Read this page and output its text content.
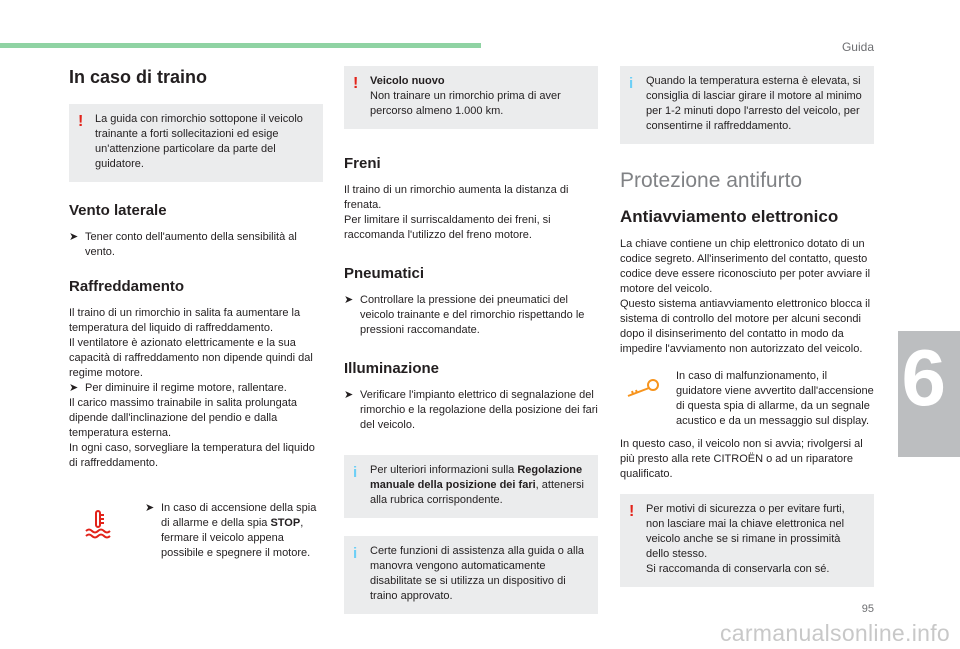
Guida
6
95
carmanualsonline.info
In caso di traino
! La guida con rimorchio sottopone il veicolo trainante a forti sollecitazioni ed esige un'attenzione particolare da parte del guidatore.

Vento laterale
➤ Tener conto dell'aumento della sensibilità al vento.
Raffreddamento

Il traino di un rimorchio in salita fa aumentare la temperatura del liquido di raffreddamento.

Il ventilatore è azionato elettricamente e la sua capacità di raffreddamento non dipende quindi dal regime motore.

➤ Per diminuire il regime motore, rallentare.

Il carico massimo trainabile in salita prolungata dipende dall'inclinazione del pendio e dalla temperatura esterna.

In ogni caso, sorvegliare la temperatura del liquido di raffreddamento.

➤ In caso di accensione della spia di allarme e della spia STOP, fermare il veicolo appena possibile e spegnere il motore.
! Veicolo nuovo

Non trainare un rimorchio prima di aver percorso almeno 1.000 km.

Freni

Il traino di un rimorchio aumenta la distanza di frenata.

Per limitare il surriscaldamento dei freni, si raccomanda l'utilizzo del freno motore.

Pneumatici
➤ Controllare la pressione dei pneumatici del veicolo trainante e del rimorchio rispettando le pressioni raccomandate.
Illuminazione
➤ Verificare l'impianto elettrico di segnalazione del rimorchio e la regolazione della posizione dei fari del veicolo.
i Per ulteriori informazioni sulla Regolazione manuale della posizione dei fari, attenersi alla rubrica corrispondente.

i Certe funzioni di assistenza alla guida o alla manovra vengono automaticamente disabilitate se si utilizza un dispositivo di traino approvato.

i Quando la temperatura esterna è elevata, si consiglia di lasciar girare il motore al minimo per 1-2 minuti dopo l'arresto del veicolo, per consentirne il raffreddamento.

Protezione antifurto
Antiavviamento elettronico

La chiave contiene un chip elettronico dotato di un codice segreto. All'inserimento del contatto, questo codice deve essere riconosciuto per poter avviare il motore del veicolo.

Questo sistema antiavviamento elettronico blocca il sistema di controllo del motore per alcuni secondi dopo il disinserimento del contatto in modo da impedire l'avviamento non autorizzato del veicolo.

In caso di malfunzionamento, il guidatore viene avvertito dall'accensione di questa spia di allarme, da un segnale acustico e da un messaggio sul display.

In questo caso, il veicolo non si avvia; rivolgersi al più presto alla rete CITROËN o ad un riparatore qualificato.

! Per motivi di sicurezza o per evitare furti, non lasciare mai la chiave elettronica nel veicolo anche se si rimane in prossimità dello stesso.

Si raccomanda di conservarla con sé.
